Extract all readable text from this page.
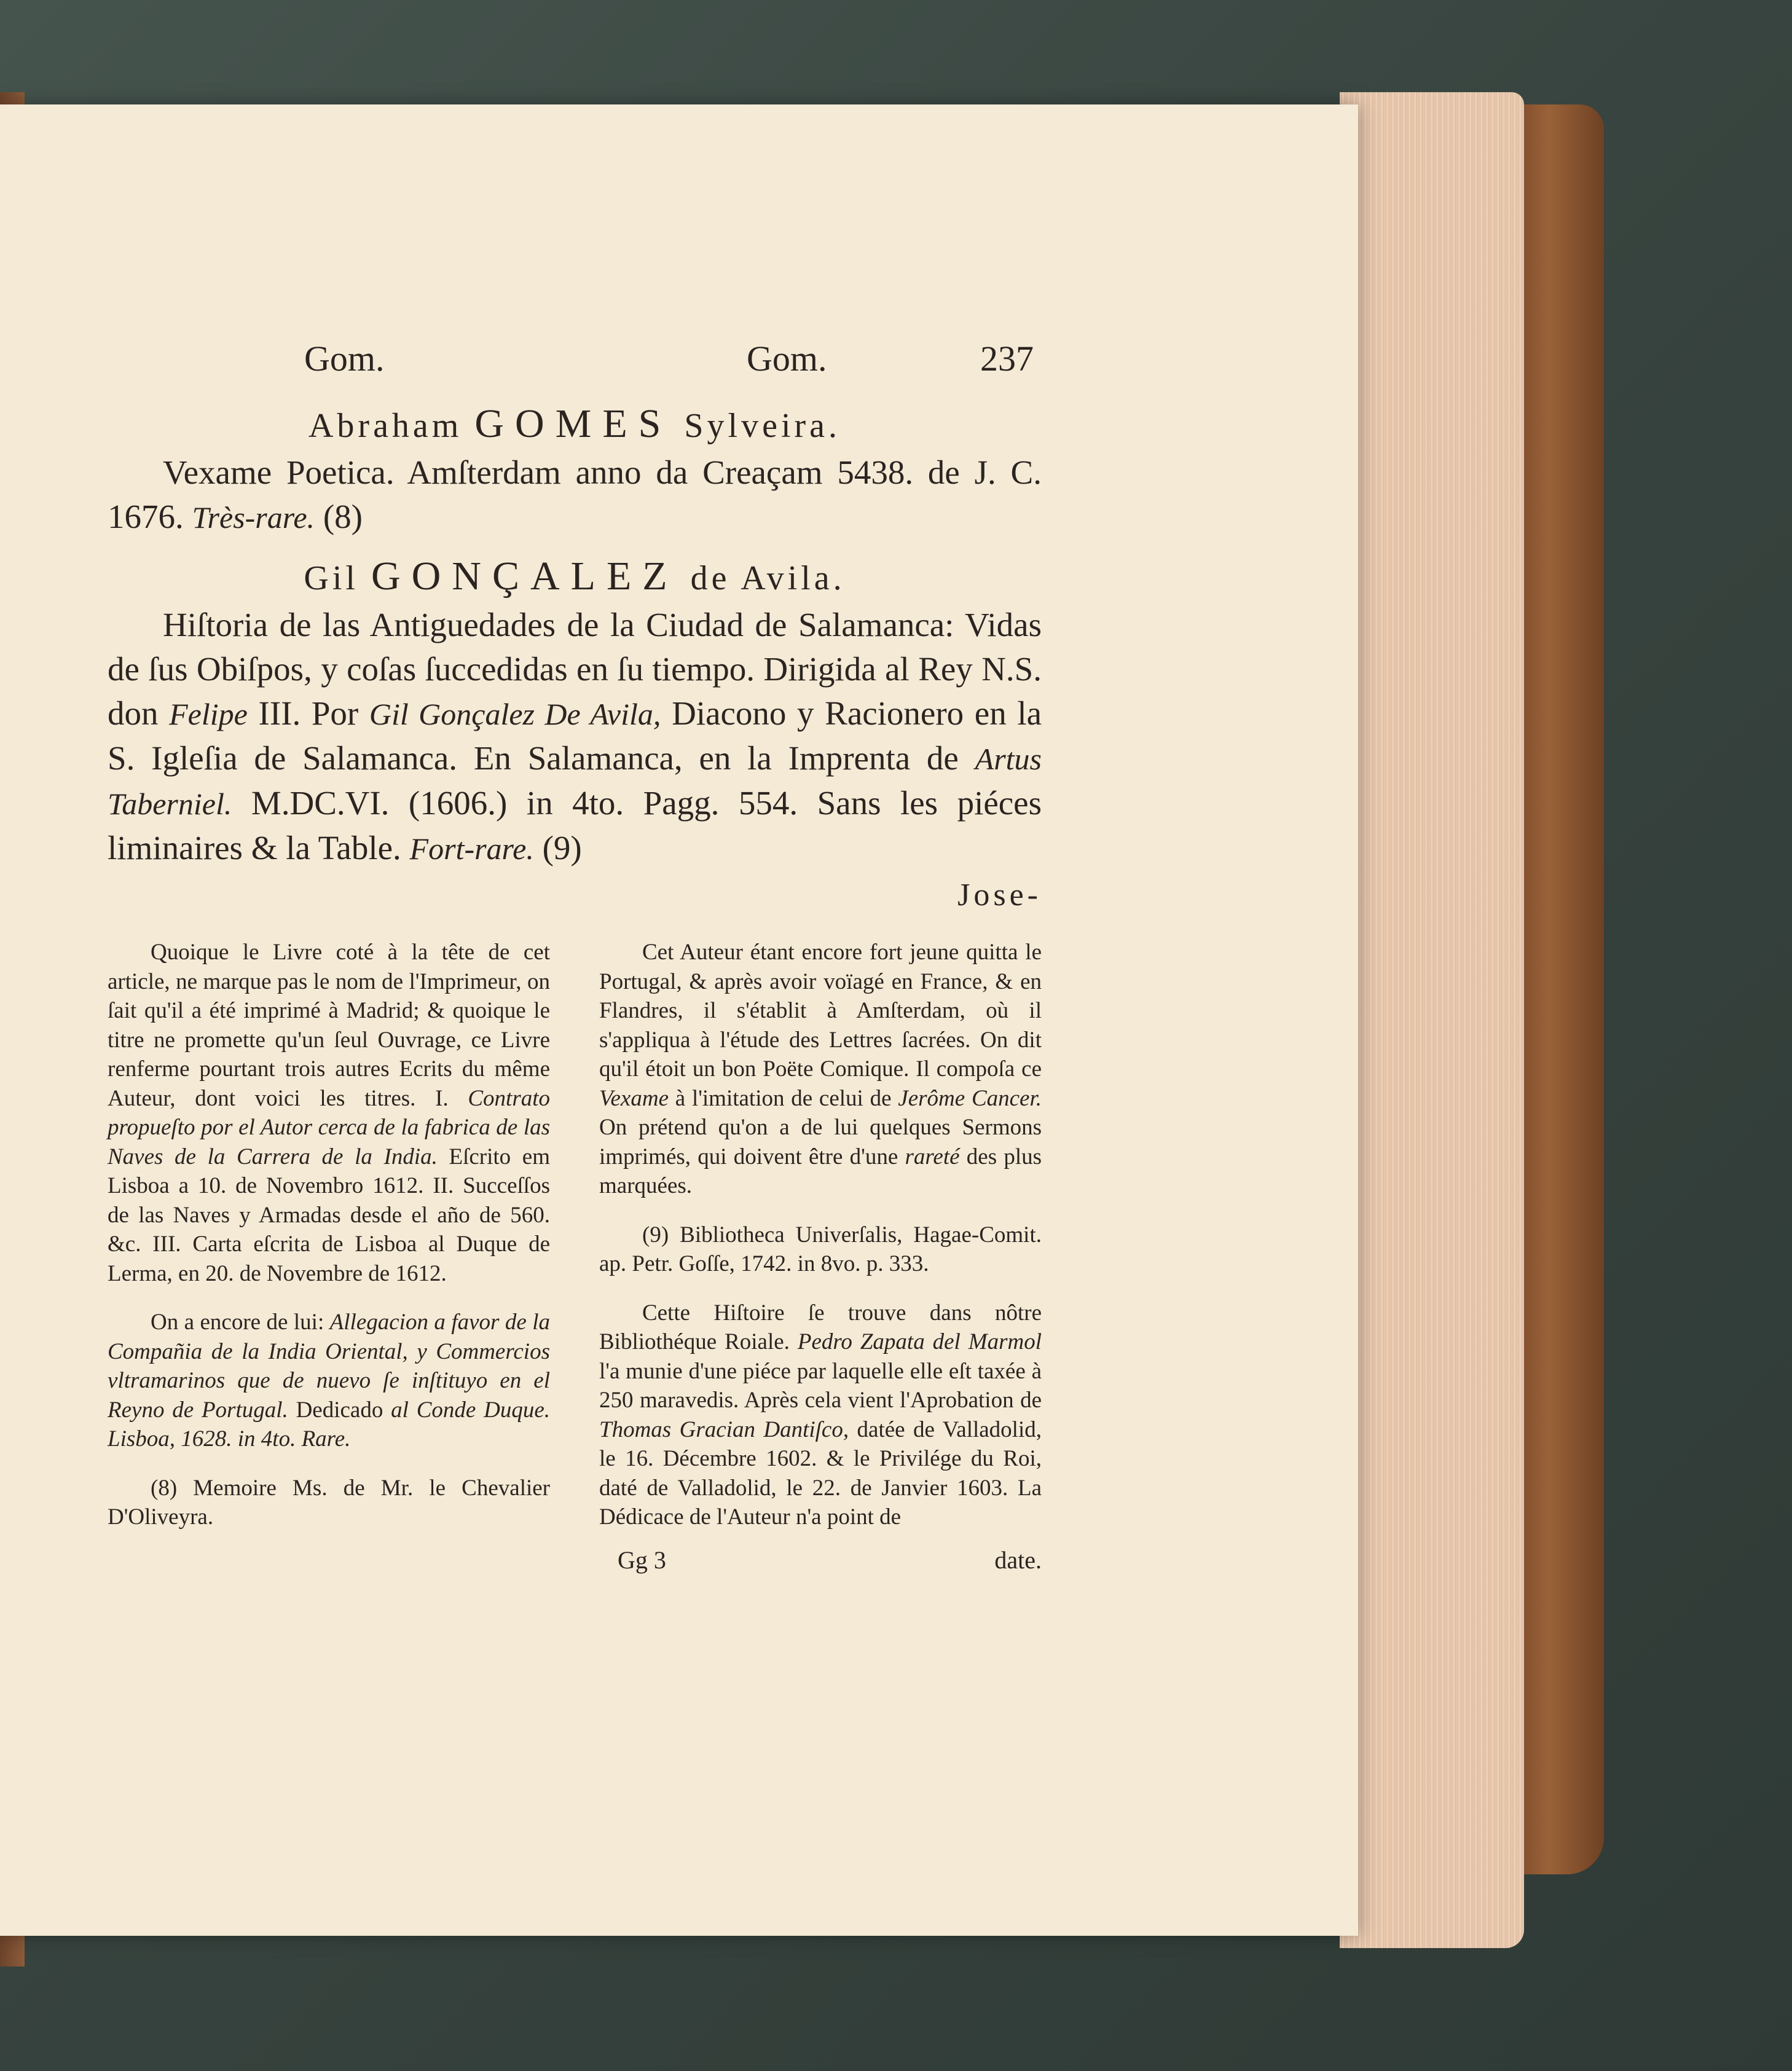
Gom.	Gom.	237
Abraham GOMES Sylveira.

Vexame Poetica. Amſterdam anno da Creaçam 5438. de J. C. 1676. Très-rare. (8)

Gil GONÇALEZ de Avila.

Hiſtoria de las Antiguedades de la Ciudad de Salamanca: Vidas de ſus Obiſpos, y coſas ſuccedidas en ſu tiempo. Dirigida al Rey N.S. don Felipe III. Por Gil Gonçalez De Avila, Diacono y Racionero en la S. Igleſia de Salamanca. En Salamanca, en la Imprenta de Artus Taberniel. M.DC.VI. (1606.) in 4to. Pagg. 554. Sans les piéces liminaires & la Table. Fort-rare. (9)

Jose-

Quoique le Livre coté à la tête de cet article, ne marque pas le nom de l'Imprimeur, on ſait qu'il a été imprimé à Madrid; & quoique le titre ne promette qu'un ſeul Ouvrage, ce Livre renferme pourtant trois autres Ecrits du même Auteur, dont voici les titres. I. Contrato propueſto por el Autor cerca de la fabrica de las Naves de la Carrera de la India. Eſcrito em Lisboa a 10. de Novembro 1612. II. Succeſſos de las Naves y Armadas desde el año de 560. &c. III. Carta eſcrita de Lisboa al Duque de Lerma, en 20. de Novembre de 1612.

On a encore de lui: Allegacion a favor de la Compañia de la India Oriental, y Commercios vltramarinos que de nuevo ſe inſtituyo en el Reyno de Portugal. Dedicado al Conde Duque. Lisboa, 1628. in 4to. Rare.

(8) Memoire Ms. de Mr. le Chevalier D'Oliveyra.

Cet Auteur étant encore fort jeune quitta le Portugal, & après avoir voïagé en France, & en Flandres, il s'établit à Amſterdam, où il s'appliqua à l'étude des Lettres ſacrées. On dit qu'il étoit un bon Poëte Comique. Il compoſa ce Vexame à l'imitation de celui de Jerôme Cancer. On prétend qu'on a de lui quelques Sermons imprimés, qui doivent être d'une rareté des plus marquées.

(9) Bibliotheca Univerſalis, Hagae-Comit. ap. Petr. Goſſe, 1742. in 8vo. p. 333.

Cette Hiſtoire ſe trouve dans nôtre Bibliothéque Roiale. Pedro Zapata del Marmol l'a munie d'une piéce par laquelle elle eſt taxée à 250 maravedis. Après cela vient l'Aprobation de Thomas Gracian Dantiſco, datée de Valladolid, le 16. Décembre 1602. & le Privilége du Roi, daté de Valladolid, le 22. de Janvier 1603. La Dédicace de l'Auteur n'a point de

Gg 3	date.
